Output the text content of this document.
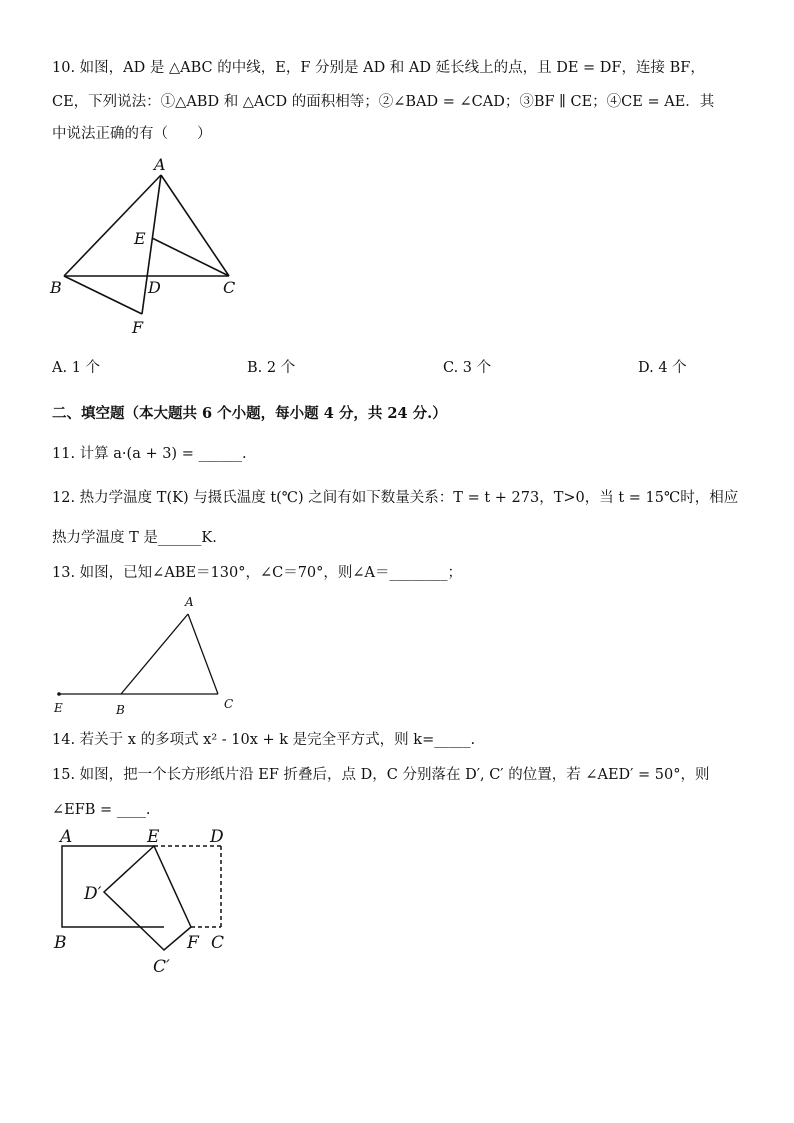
10. 如图，AD 是 △ABC 的中线，E，F 分别是 AD 和 AD 延长线上的点，且 DE = DF，连接 BF，
CE，下列说法：①△ABD 和 △ACD 的面积相等；②∠BAD = ∠CAD；③BF ∥ CE；④CE = AE．其
中说法正确的有（　　）
A
E
B	D	C
F
A. 1 个	B. 2 个	C. 3 个	D. 4 个
二、填空题（本大题共 6 个小题，每小题 4 分，共 24 分.）
11. 计算 a·(a + 3) = ______.
12. 热力学温度 T(K) 与摄氏温度 t(℃) 之间有如下数量关系：T = t + 273，T>0，当 t = 15℃时，相应
热力学温度 T 是______K.
13. 如图，已知∠ABE＝130°，∠C＝70°，则∠A＝________；
A
E	B	C
14. 若关于 x 的多项式 x² - 10x + k 是完全平方式，则 k=_____.
15. 如图，把一个长方形纸片沿 EF 折叠后，点 D，C 分别落在 D′, C′ 的位置，若 ∠AED′ = 50°，则
∠EFB = ____.
A	E	D
D′
B	F C
C′
